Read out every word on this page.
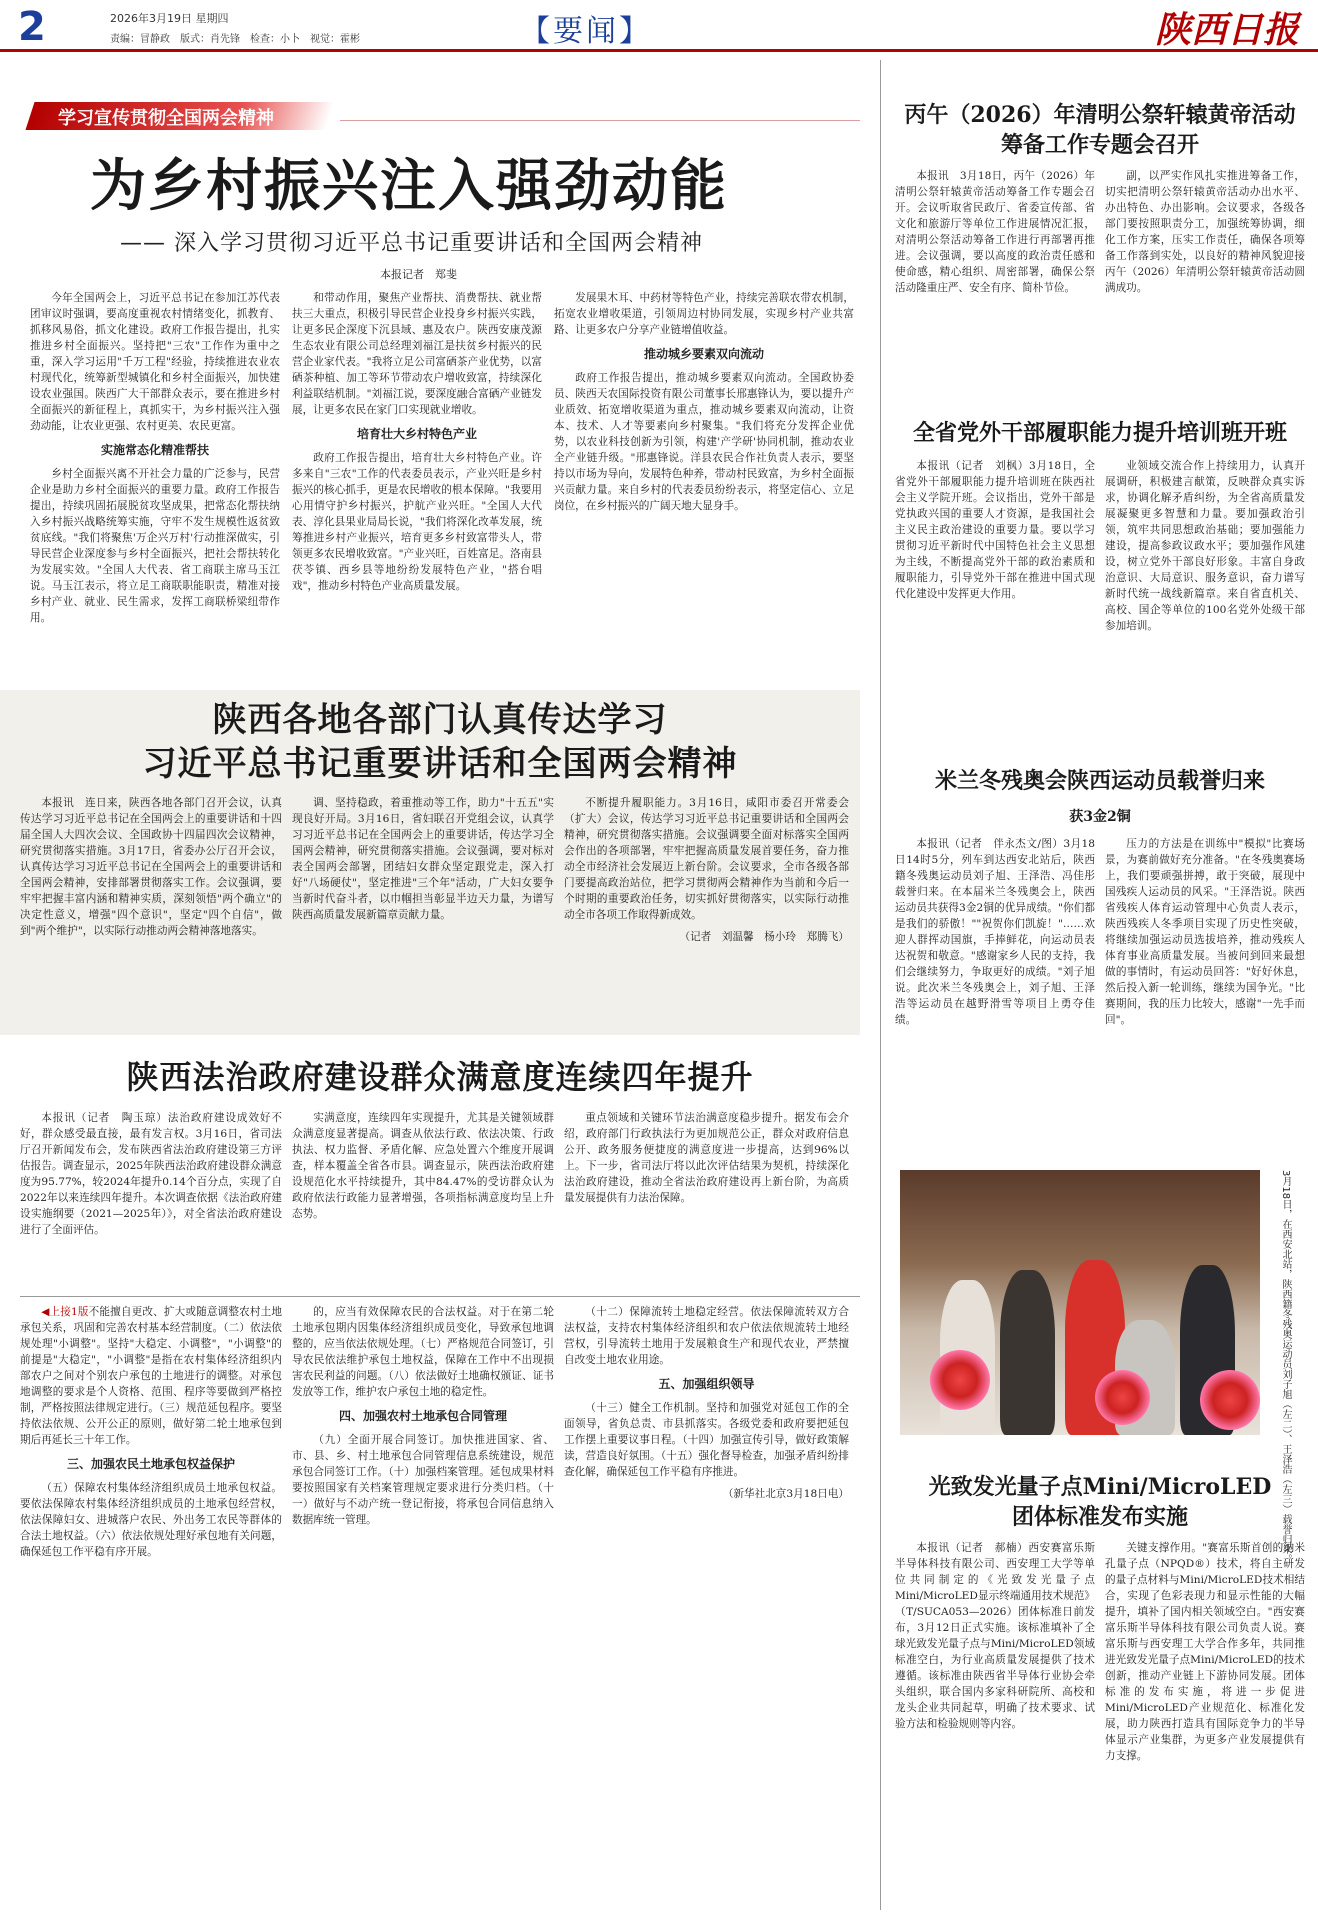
2	2026年3月19日 星期四
责编：冒静政　版式：肖先锋　检查：小卜　视觉：霍彬	【要闻】	陕西日报
学习宣传贯彻全国两会精神
为乡村振兴注入强劲动能
—— 深入学习贯彻习近平总书记重要讲话和全国两会精神
本报记者　郑斐

今年全国两会上，习近平总书记在参加江苏代表团审议时强调，要高度重视农村情绪变化，抓教育、抓移风易俗，抓文化建设。政府工作报告提出，扎实推进乡村全面振兴。坚持把"三农"工作作为重中之重，深入学习运用"千万工程"经验，持续推进农业农村现代化，统筹新型城镇化和乡村全面振兴，加快建设农业强国。陕西广大干部群众表示，要在推进乡村全面振兴的新征程上，真抓实干，为乡村振兴注入强劲动能，让农业更强、农村更美、农民更富。

实施常态化精准帮扶

乡村全面振兴离不开社会力量的广泛参与，民营企业是助力乡村全面振兴的重要力量。政府工作报告提出，持续巩固拓展脱贫攻坚成果，把常态化帮扶纳入乡村振兴战略统筹实施，守牢不发生规模性返贫致贫底线。"我们将聚焦'万企兴万村'行动推深做实，引导民营企业深度参与乡村全面振兴，把社会帮扶转化为发展实效。"全国人大代表、省工商联主席马玉江说。马玉江表示，将立足工商联职能职责，精准对接乡村产业、就业、民生需求，发挥工商联桥梁纽带作用。

和带动作用，聚焦产业帮扶、消费帮扶、就业帮扶三大重点，积极引导民营企业投身乡村振兴实践，让更多民企深度下沉县域、惠及农户。陕西安康茂源生态农业有限公司总经理刘福江是扶贫乡村振兴的民营企业家代表。"我将立足公司富硒茶产业优势，以富硒茶种植、加工等环节带动农户增收致富，持续深化利益联结机制。"刘福江说，要深度融合富硒产业链发展，让更多农民在家门口实现就业增收。

培育壮大乡村特色产业

政府工作报告提出，培育壮大乡村特色产业。许多来自"三农"工作的代表委员表示，产业兴旺是乡村振兴的核心抓手，更是农民增收的根本保障。"我要用心用情守护乡村振兴，护航产业兴旺。"全国人大代表、淳化县果业局局长说，"我们将深化改革发展，统筹推进乡村产业振兴，培育更多乡村致富带头人，带领更多农民增收致富。"产业兴旺，百姓富足。洛南县茯苓镇、西乡县等地纷纷发展特色产业，"搭台唱戏"，推动乡村特色产业高质量发展。

发展果木耳、中药材等特色产业，持续完善联农带农机制，拓宽农业增收渠道，引领周边村协同发展，实现乡村产业共富路、让更多农户分享产业链增值收益。

推动城乡要素双向流动

政府工作报告提出，推动城乡要素双向流动。全国政协委员、陕西天农国际投资有限公司董事长邢惠锋认为，要以提升产业质效、拓宽增收渠道为重点，推动城乡要素双向流动，让资本、技术、人才等要素向乡村聚集。"我们将充分发挥企业优势，以农业科技创新为引领，构建'产学研'协同机制，推动农业全产业链升级。"邢惠锋说。洋县农民合作社负责人表示，要坚持以市场为导向，发展特色种养，带动村民致富，为乡村全面振兴贡献力量。来自乡村的代表委员纷纷表示，将坚定信心、立足岗位，在乡村振兴的广阔天地大显身手。

陕西各地各部门认真传达学习
习近平总书记重要讲话和全国两会精神

本报讯　连日来，陕西各地各部门召开会议，认真传达学习习近平总书记在全国两会上的重要讲话和十四届全国人大四次会议、全国政协十四届四次会议精神，研究贯彻落实措施。3月17日，省委办公厅召开会议，认真传达学习习近平总书记在全国两会上的重要讲话和全国两会精神，安排部署贯彻落实工作。会议强调，要牢牢把握丰富内涵和精神实质，深刻领悟"两个确立"的决定性意义，增强"四个意识"，坚定"四个自信"，做到"两个维护"，以实际行动推动两会精神落地落实。

调、坚持稳政，着重推动等工作，助力"十五五"实现良好开局。3月16日，省妇联召开党组会议，认真学习习近平总书记在全国两会上的重要讲话，传达学习全国两会精神，研究贯彻落实措施。会议强调，要对标对表全国两会部署，团结妇女群众坚定跟党走，深入打好"八场硬仗"，坚定推进"三个年"活动，广大妇女要争当新时代奋斗者，以巾帼担当彰显半边天力量，为谱写陕西高质量发展新篇章贡献力量。

不断提升履职能力。3月16日，咸阳市委召开常委会（扩大）会议，传达学习习近平总书记重要讲话和全国两会精神，研究贯彻落实措施。会议强调要全面对标落实全国两会作出的各项部署，牢牢把握高质量发展首要任务，奋力推动全市经济社会发展迈上新台阶。会议要求，全市各级各部门要提高政治站位，把学习贯彻两会精神作为当前和今后一个时期的重要政治任务，切实抓好贯彻落实，以实际行动推动全市各项工作取得新成效。

（记者　刘温馨　杨小玲　郑腾飞）
陕西法治政府建设群众满意度连续四年提升

本报讯（记者　陶玉琼）法治政府建设成效好不好，群众感受最直接，最有发言权。3月16日，省司法厅召开新闻发布会，发布陕西省法治政府建设第三方评估报告。调查显示，2025年陕西法治政府建设群众满意度为95.77%，较2024年提升0.14个百分点，实现了自2022年以来连续四年提升。本次调查依据《法治政府建设实施纲要（2021—2025年）》，对全省法治政府建设进行了全面评估。

实满意度，连续四年实现提升，尤其是关键领域群众满意度显著提高。调查从依法行政、依法决策、行政执法、权力监督、矛盾化解、应急处置六个维度开展调查，样本覆盖全省各市县。调查显示，陕西法治政府建设规范化水平持续提升，其中84.47%的受访群众认为政府依法行政能力显著增强，各项指标满意度均呈上升态势。

重点领域和关键环节法治满意度稳步提升。据发布会介绍，政府部门行政执法行为更加规范公正，群众对政府信息公开、政务服务便捷度的满意度进一步提高，达到96%以上。下一步，省司法厅将以此次评估结果为契机，持续深化法治政府建设，推动全省法治政府建设再上新台阶，为高质量发展提供有力法治保障。

◀上接1版不能擅自更改、扩大或随意调整农村土地承包关系，巩固和完善农村基本经营制度。（二）依法依规处理"小调整"。坚持"大稳定、小调整"，"小调整"的前提是"大稳定"，"小调整"是指在农村集体经济组织内部农户之间对个别农户承包的土地进行的调整。对承包地调整的要求是个人资格、范围、程序等要做到严格控制，严格按照法律规定进行。（三）规范延包程序。要坚持依法依规、公开公正的原则，做好第二轮土地承包到期后再延长三十年工作。

三、加强农民土地承包权益保护

（五）保障农村集体经济组织成员土地承包权益。要依法保障农村集体经济组织成员的土地承包经营权，依法保障妇女、进城落户农民、外出务工农民等群体的合法土地权益。（六）依法依规处理好承包地有关问题，确保延包工作平稳有序开展。

的，应当有效保障农民的合法权益。对于在第二轮土地承包期内因集体经济组织成员变化，导致承包地调整的，应当依法依规处理。（七）严格规范合同签订，引导农民依法维护承包土地权益，保障在工作中不出现损害农民利益的问题。（八）依法做好土地确权颁证、证书发放等工作，维护农户承包土地的稳定性。

四、加强农村土地承包合同管理

（九）全面开展合同签订。加快推进国家、省、市、县、乡、村土地承包合同管理信息系统建设，规范承包合同签订工作。（十）加强档案管理。延包成果材料要按照国家有关档案管理规定要求进行分类归档。（十一）做好与不动产统一登记衔接，将承包合同信息纳入数据库统一管理。

（十二）保障流转土地稳定经营。依法保障流转双方合法权益，支持农村集体经济组织和农户依法依规流转土地经营权，引导流转土地用于发展粮食生产和现代农业，严禁擅自改变土地农业用途。

五、加强组织领导

（十三）健全工作机制。坚持和加强党对延包工作的全面领导，省负总责、市县抓落实。各级党委和政府要把延包工作摆上重要议事日程。（十四）加强宣传引导，做好政策解读，营造良好氛围。（十五）强化督导检查，加强矛盾纠纷排查化解，确保延包工作平稳有序推进。

（新华社北京3月18日电）
丙午（2026）年清明公祭轩辕黄帝活动
筹备工作专题会召开

本报讯　3月18日，丙午（2026）年清明公祭轩辕黄帝活动筹备工作专题会召开。会议听取省民政厅、省委宣传部、省文化和旅游厅等单位工作进展情况汇报，对清明公祭活动筹备工作进行再部署再推进。会议强调，要以高度的政治责任感和使命感，精心组织、周密部署，确保公祭活动隆重庄严、安全有序、简朴节俭。

副，以严实作风扎实推进筹备工作，切实把清明公祭轩辕黄帝活动办出水平、办出特色、办出影响。会议要求，各级各部门要按照职责分工，加强统筹协调，细化工作方案，压实工作责任，确保各项筹备工作落到实处，以良好的精神风貌迎接丙午（2026）年清明公祭轩辕黄帝活动圆满成功。

全省党外干部履职能力提升培训班开班

本报讯（记者　刘枫）3月18日，全省党外干部履职能力提升培训班在陕西社会主义学院开班。会议指出，党外干部是党执政兴国的重要人才资源，是我国社会主义民主政治建设的重要力量。要以学习贯彻习近平新时代中国特色社会主义思想为主线，不断提高党外干部的政治素质和履职能力，引导党外干部在推进中国式现代化建设中发挥更大作用。

业领域交流合作上持续用力，认真开展调研，积极建言献策，反映群众真实诉求，协调化解矛盾纠纷，为全省高质量发展凝聚更多智慧和力量。要加强政治引领，筑牢共同思想政治基础；要加强能力建设，提高参政议政水平；要加强作风建设，树立党外干部良好形象。丰富自身政治意识、大局意识、服务意识，奋力谱写新时代统一战线新篇章。来自省直机关、高校、国企等单位的100名党外处级干部参加培训。

米兰冬残奥会陕西运动员载誉归来
获3金2铜

本报讯（记者　伴永杰文/图）3月18日14时5分，列车到达西安北站后，陕西籍冬残奥运动员刘子旭、王泽浩、冯佳彤载誉归来。在本届米兰冬残奥会上，陕西运动员共获得3金2铜的优异成绩。"你们都是我们的骄傲！""祝贺你们凯旋！"……欢迎人群挥动国旗，手捧鲜花，向运动员表达祝贺和敬意。"感谢家乡人民的支持，我们会继续努力，争取更好的成绩。"刘子旭说。此次米兰冬残奥会上，刘子旭、王泽浩等运动员在越野滑雪等项目上勇夺佳绩。

压力的方法是在训练中"模拟"比赛场景，为赛前做好充分准备。"在冬残奥赛场上，我们要顽强拼搏，敢于突破，展现中国残疾人运动员的风采。"王泽浩说。陕西省残疾人体育运动管理中心负责人表示，陕西残疾人冬季项目实现了历史性突破，将继续加强运动员选拔培养，推动残疾人体育事业高质量发展。当被问到回来最想做的事情时，有运动员回答："好好休息，然后投入新一轮训练，继续为国争光。"比赛期间，我的压力比较大，感谢"一先手而回"。

3月18日，在西安北站，陕西籍冬残奥运动员刘子旭（左二）、王泽浩（左三）载誉归来。
光致发光量子点Mini/MicroLED
团体标准发布实施

本报讯（记者　郝楠）西安赛富乐斯半导体科技有限公司、西安理工大学等单位共同制定的《光致发光量子点Mini/MicroLED显示终端通用技术规范》（T/SUCA053—2026）团体标准日前发布，3月12日正式实施。该标准填补了全球光致发光量子点与Mini/MicroLED领域标准空白，为行业高质量发展提供了技术遵循。该标准由陕西省半导体行业协会牵头组织，联合国内多家科研院所、高校和龙头企业共同起草，明确了技术要求、试验方法和检验规则等内容。

关键支撑作用。"赛富乐斯首创的纳米孔量子点（NPQD®）技术，将自主研发的量子点材料与Mini/MicroLED技术相结合，实现了色彩表现力和显示性能的大幅提升，填补了国内相关领域空白。"西安赛富乐斯半导体科技有限公司负责人说。赛富乐斯与西安理工大学合作多年，共同推进光致发光量子点Mini/MicroLED的技术创新，推动产业链上下游协同发展。团体标准的发布实施，将进一步促进Mini/MicroLED产业规范化、标准化发展，助力陕西打造具有国际竞争力的半导体显示产业集群，为更多产业发展提供有力支撑。
